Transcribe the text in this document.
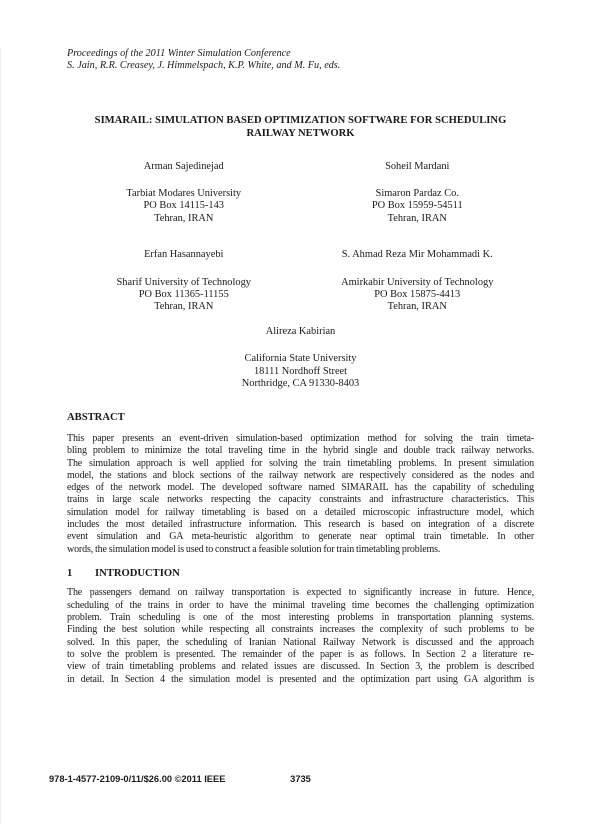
Proceedings of the 2011 Winter Simulation Conference
S. Jain, R.R. Creasey, J. Himmelspach, K.P. White, and M. Fu, eds.
SIMARAIL: SIMULATION BASED OPTIMIZATION SOFTWARE FOR SCHEDULING
RAILWAY NETWORK
Arman Sajedinejad
Tarbiat Modares University
PO Box 14115-143
Tehran, IRAN
Soheil Mardani
Simaron Pardaz Co.
PO Box 15959-54511
Tehran, IRAN
Erfan Hasannayebi
Sharif University of Technology
PO Box 11365-11155
Tehran, IRAN
S. Ahmad Reza Mir Mohammadi K.
Amirkabir University of Technology
PO Box 15875-4413
Tehran, IRAN
Alireza Kabirian
California State University
18111 Nordhoff Street
Northridge, CA 91330-8403
ABSTRACT
This paper presents an event-driven simulation-based optimization method for solving the train timeta-
bling problem to minimize the total traveling time in the hybrid single and double track railway networks.
The simulation approach is well applied for solving the train timetabling problems. In present simulation
model, the stations and block sections of the railway network are respectively considered as the nodes and
edges of the network model. The developed software named SIMARAIL has the capability of scheduling
trains in large scale networks respecting the capacity constraints and infrastructure characteristics. This
simulation model for railway timetabling is based on a detailed microscopic infrastructure model, which
includes the most detailed infrastructure information. This research is based on integration of a discrete
event simulation and GA meta-heuristic algorithm to generate near optimal train timetable. In other
words, the simulation model is used to construct a feasible solution for train timetabling problems.
1 INTRODUCTION
The passengers demand on railway transportation is expected to significantly increase in future. Hence,
scheduling of the trains in order to have the minimal traveling time becomes the challenging optimization
problem. Train scheduling is one of the most interesting problems in transportation planning systems.
Finding the best solution while respecting all constraints increases the complexity of such problems to be
solved. In this paper, the scheduling of Iranian National Railway Network is discussed and the approach
to solve the problem is presented. The remainder of the paper is as follows. In Section 2 a literature re-
view of train timetabling problems and related issues are discussed. In Section 3, the problem is described
in detail. In Section 4 the simulation model is presented and the optimization part using GA algorithm is
978-1-4577-2109-0/11/$26.00 ©2011 IEEE	3735
